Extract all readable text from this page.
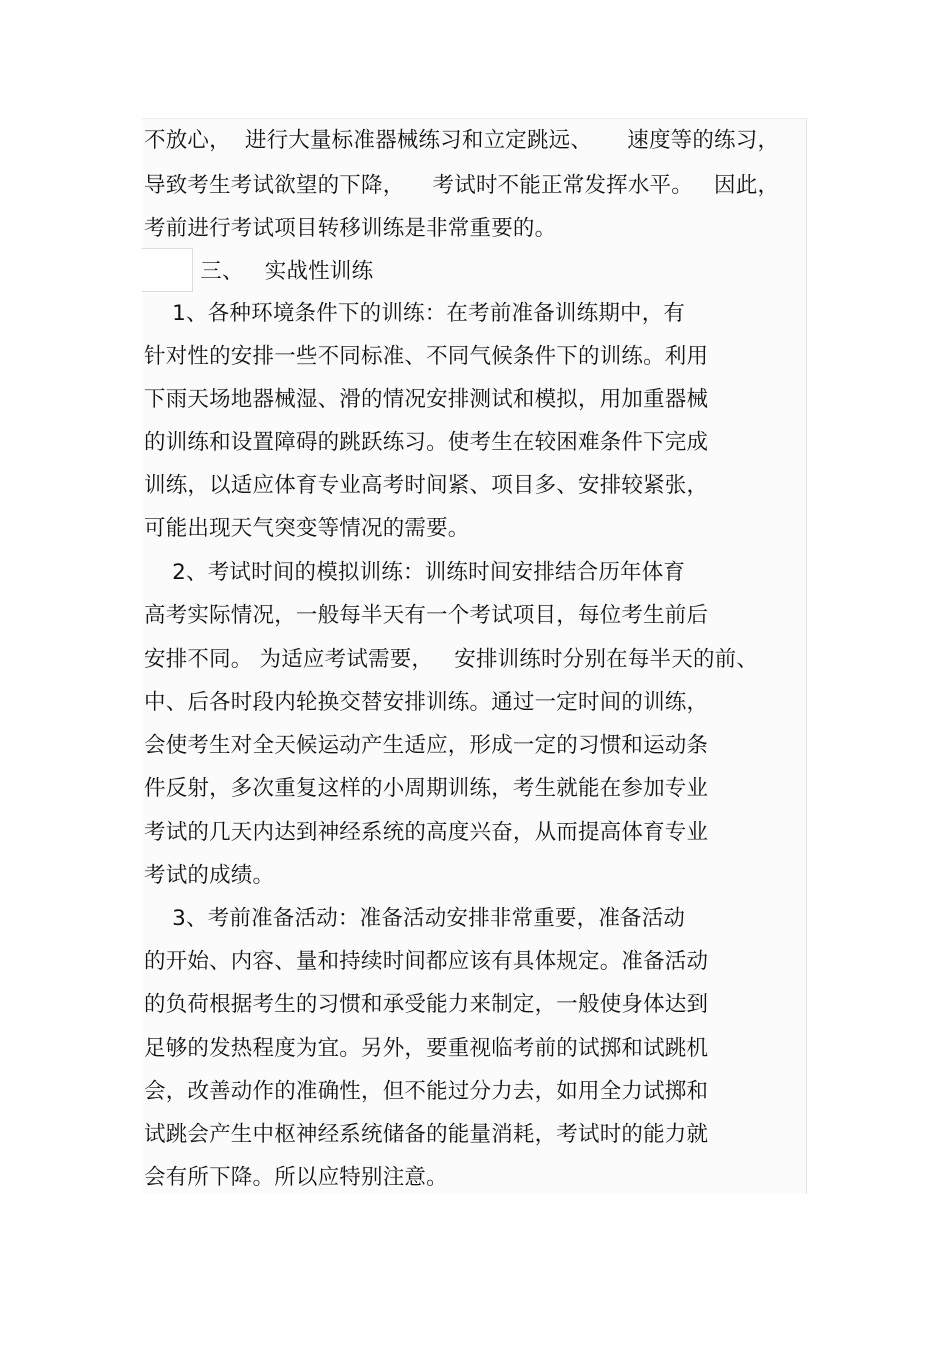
不放心，  进行大量标准器械练习和立定跳远、     速度等的练习，
导致考生考试欲望的下降，    考试时不能正常发挥水平。   因此，
考前进行考试项目转移训练是非常重要的。
三、   实战性训练
1、各种环境条件下的训练：在考前准备训练期中，有
针对性的安排一些不同标准、不同气候条件下的训练。利用
下雨天场地器械湿、滑的情况安排测试和模拟，用加重器械
的训练和设置障碍的跳跃练习。使考生在较困难条件下完成
训练，以适应体育专业高考时间紧、项目多、安排较紧张，
可能出现天气突变等情况的需要。
2、考试时间的模拟训练：训练时间安排结合历年体育
高考实际情况，一般每半天有一个考试项目，每位考生前后
安排不同。 为适应考试需要，   安排训练时分别在每半天的前、
中、后各时段内轮换交替安排训练。通过一定时间的训练，
会使考生对全天候运动产生适应，形成一定的习惯和运动条
件反射，多次重复这样的小周期训练，考生就能在参加专业
考试的几天内达到神经系统的高度兴奋，从而提高体育专业
考试的成绩。
3、考前准备活动：准备活动安排非常重要，准备活动
的开始、内容、量和持续时间都应该有具体规定。准备活动
的负荷根据考生的习惯和承受能力来制定，一般使身体达到
足够的发热程度为宜。另外，要重视临考前的试掷和试跳机
会，改善动作的准确性，但不能过分力去，如用全力试掷和
试跳会产生中枢神经系统储备的能量消耗，考试时的能力就
会有所下降。所以应特别注意。
